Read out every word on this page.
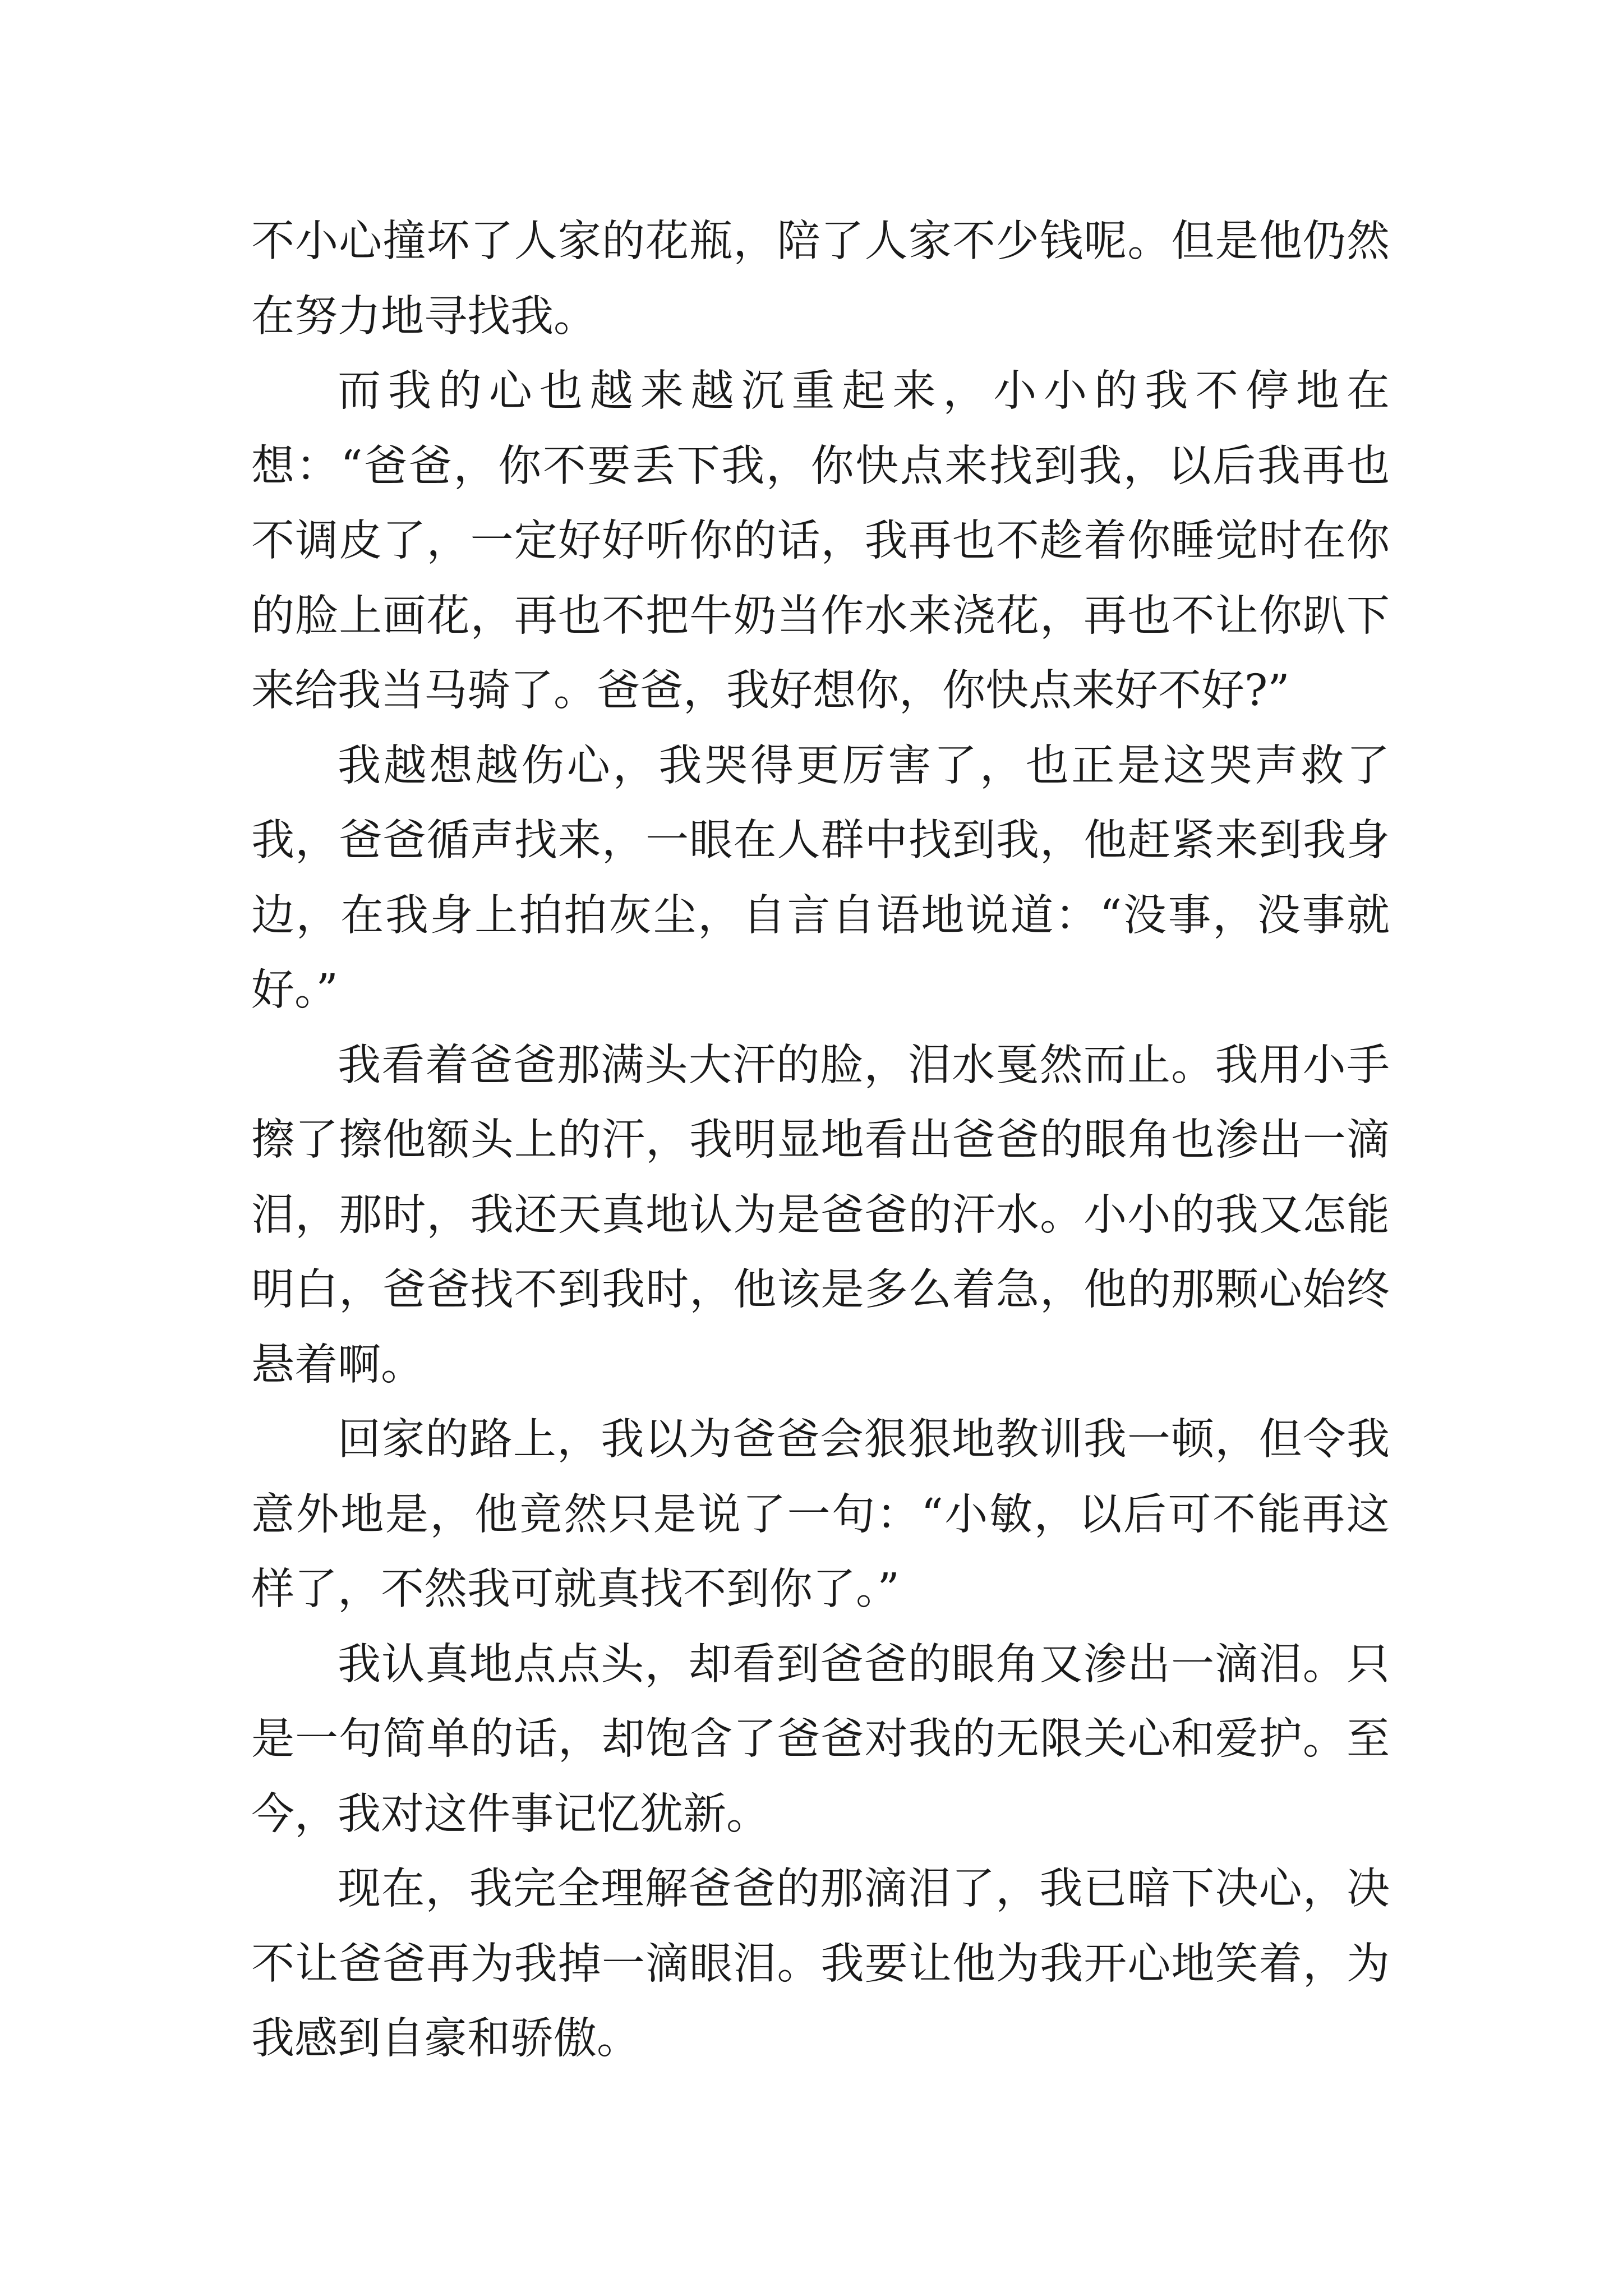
不小心撞坏了人家的花瓶，陪了人家不少钱呢。但是他仍然在努力地寻找我。

而我的心也越来越沉重起来，小小的我不停地在想：“爸爸，你不要丢下我，你快点来找到我，以后我再也不调皮了，一定好好听你的话，我再也不趁着你睡觉时在你的脸上画花，再也不把牛奶当作水来浇花，再也不让你趴下来给我当马骑了。爸爸，我好想你，你快点来好不好?”

我越想越伤心，我哭得更厉害了，也正是这哭声救了我，爸爸循声找来，一眼在人群中找到我，他赶紧来到我身边，在我身上拍拍灰尘，自言自语地说道：“没事，没事就好。”

我看着爸爸那满头大汗的脸，泪水戛然而止。我用小手擦了擦他额头上的汗，我明显地看出爸爸的眼角也渗出一滴泪，那时，我还天真地认为是爸爸的汗水。小小的我又怎能明白，爸爸找不到我时，他该是多么着急，他的那颗心始终悬着啊。

回家的路上，我以为爸爸会狠狠地教训我一顿，但令我意外地是，他竟然只是说了一句：“小敏，以后可不能再这样了，不然我可就真找不到你了。”

我认真地点点头，却看到爸爸的眼角又渗出一滴泪。只是一句简单的话，却饱含了爸爸对我的无限关心和爱护。至今，我对这件事记忆犹新。

现在，我完全理解爸爸的那滴泪了，我已暗下决心，决不让爸爸再为我掉一滴眼泪。我要让他为我开心地笑着，为我感到自豪和骄傲。
